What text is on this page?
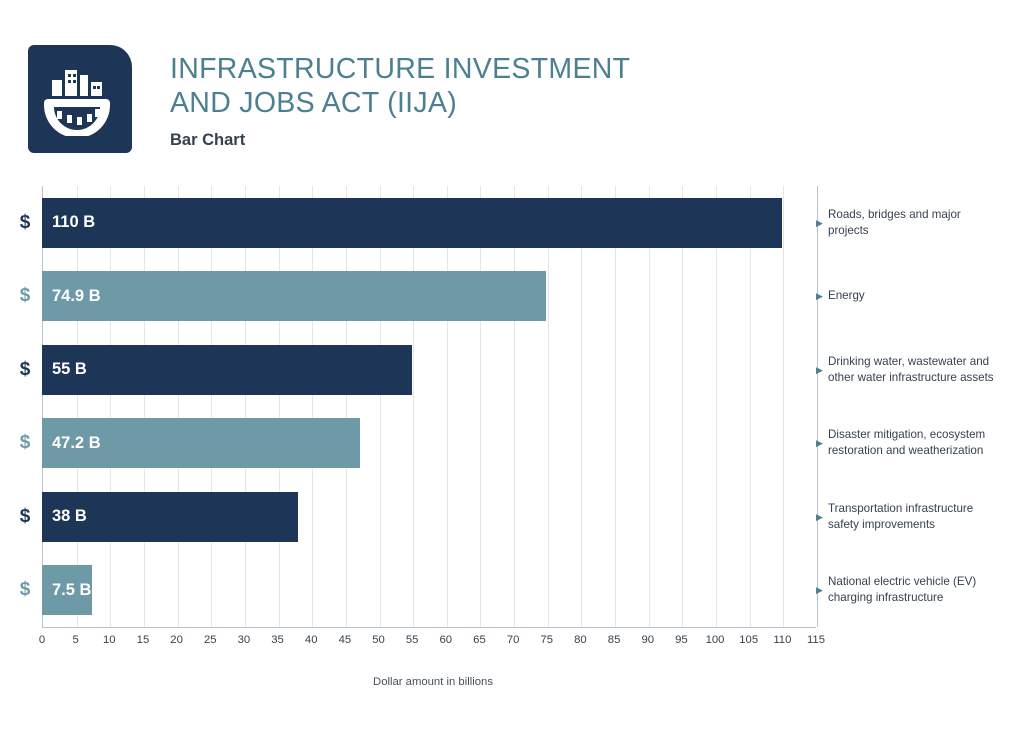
INFRASTRUCTURE INVESTMENT
AND JOBS ACT (IIJA)
Bar Chart
$	110 B
$	74.9 B
$	55 B
$	47.2 B
$	38 B
$	7.5 B
▶
Roads, bridges and major projects
▶ Energy
▶
Drinking water, wastewater and other water infrastructure assets
▶
Disaster mitigation, ecosystem restoration and weatherization
▶
Transportation infrastructure safety improvements
▶
National electric vehicle (EV) charging infrastructure
0 5 10 15 20 25 30 35 40 45 50 55 60 65 70 75 80 85 90 95 100 105 110 115
Dollar amount in billions
